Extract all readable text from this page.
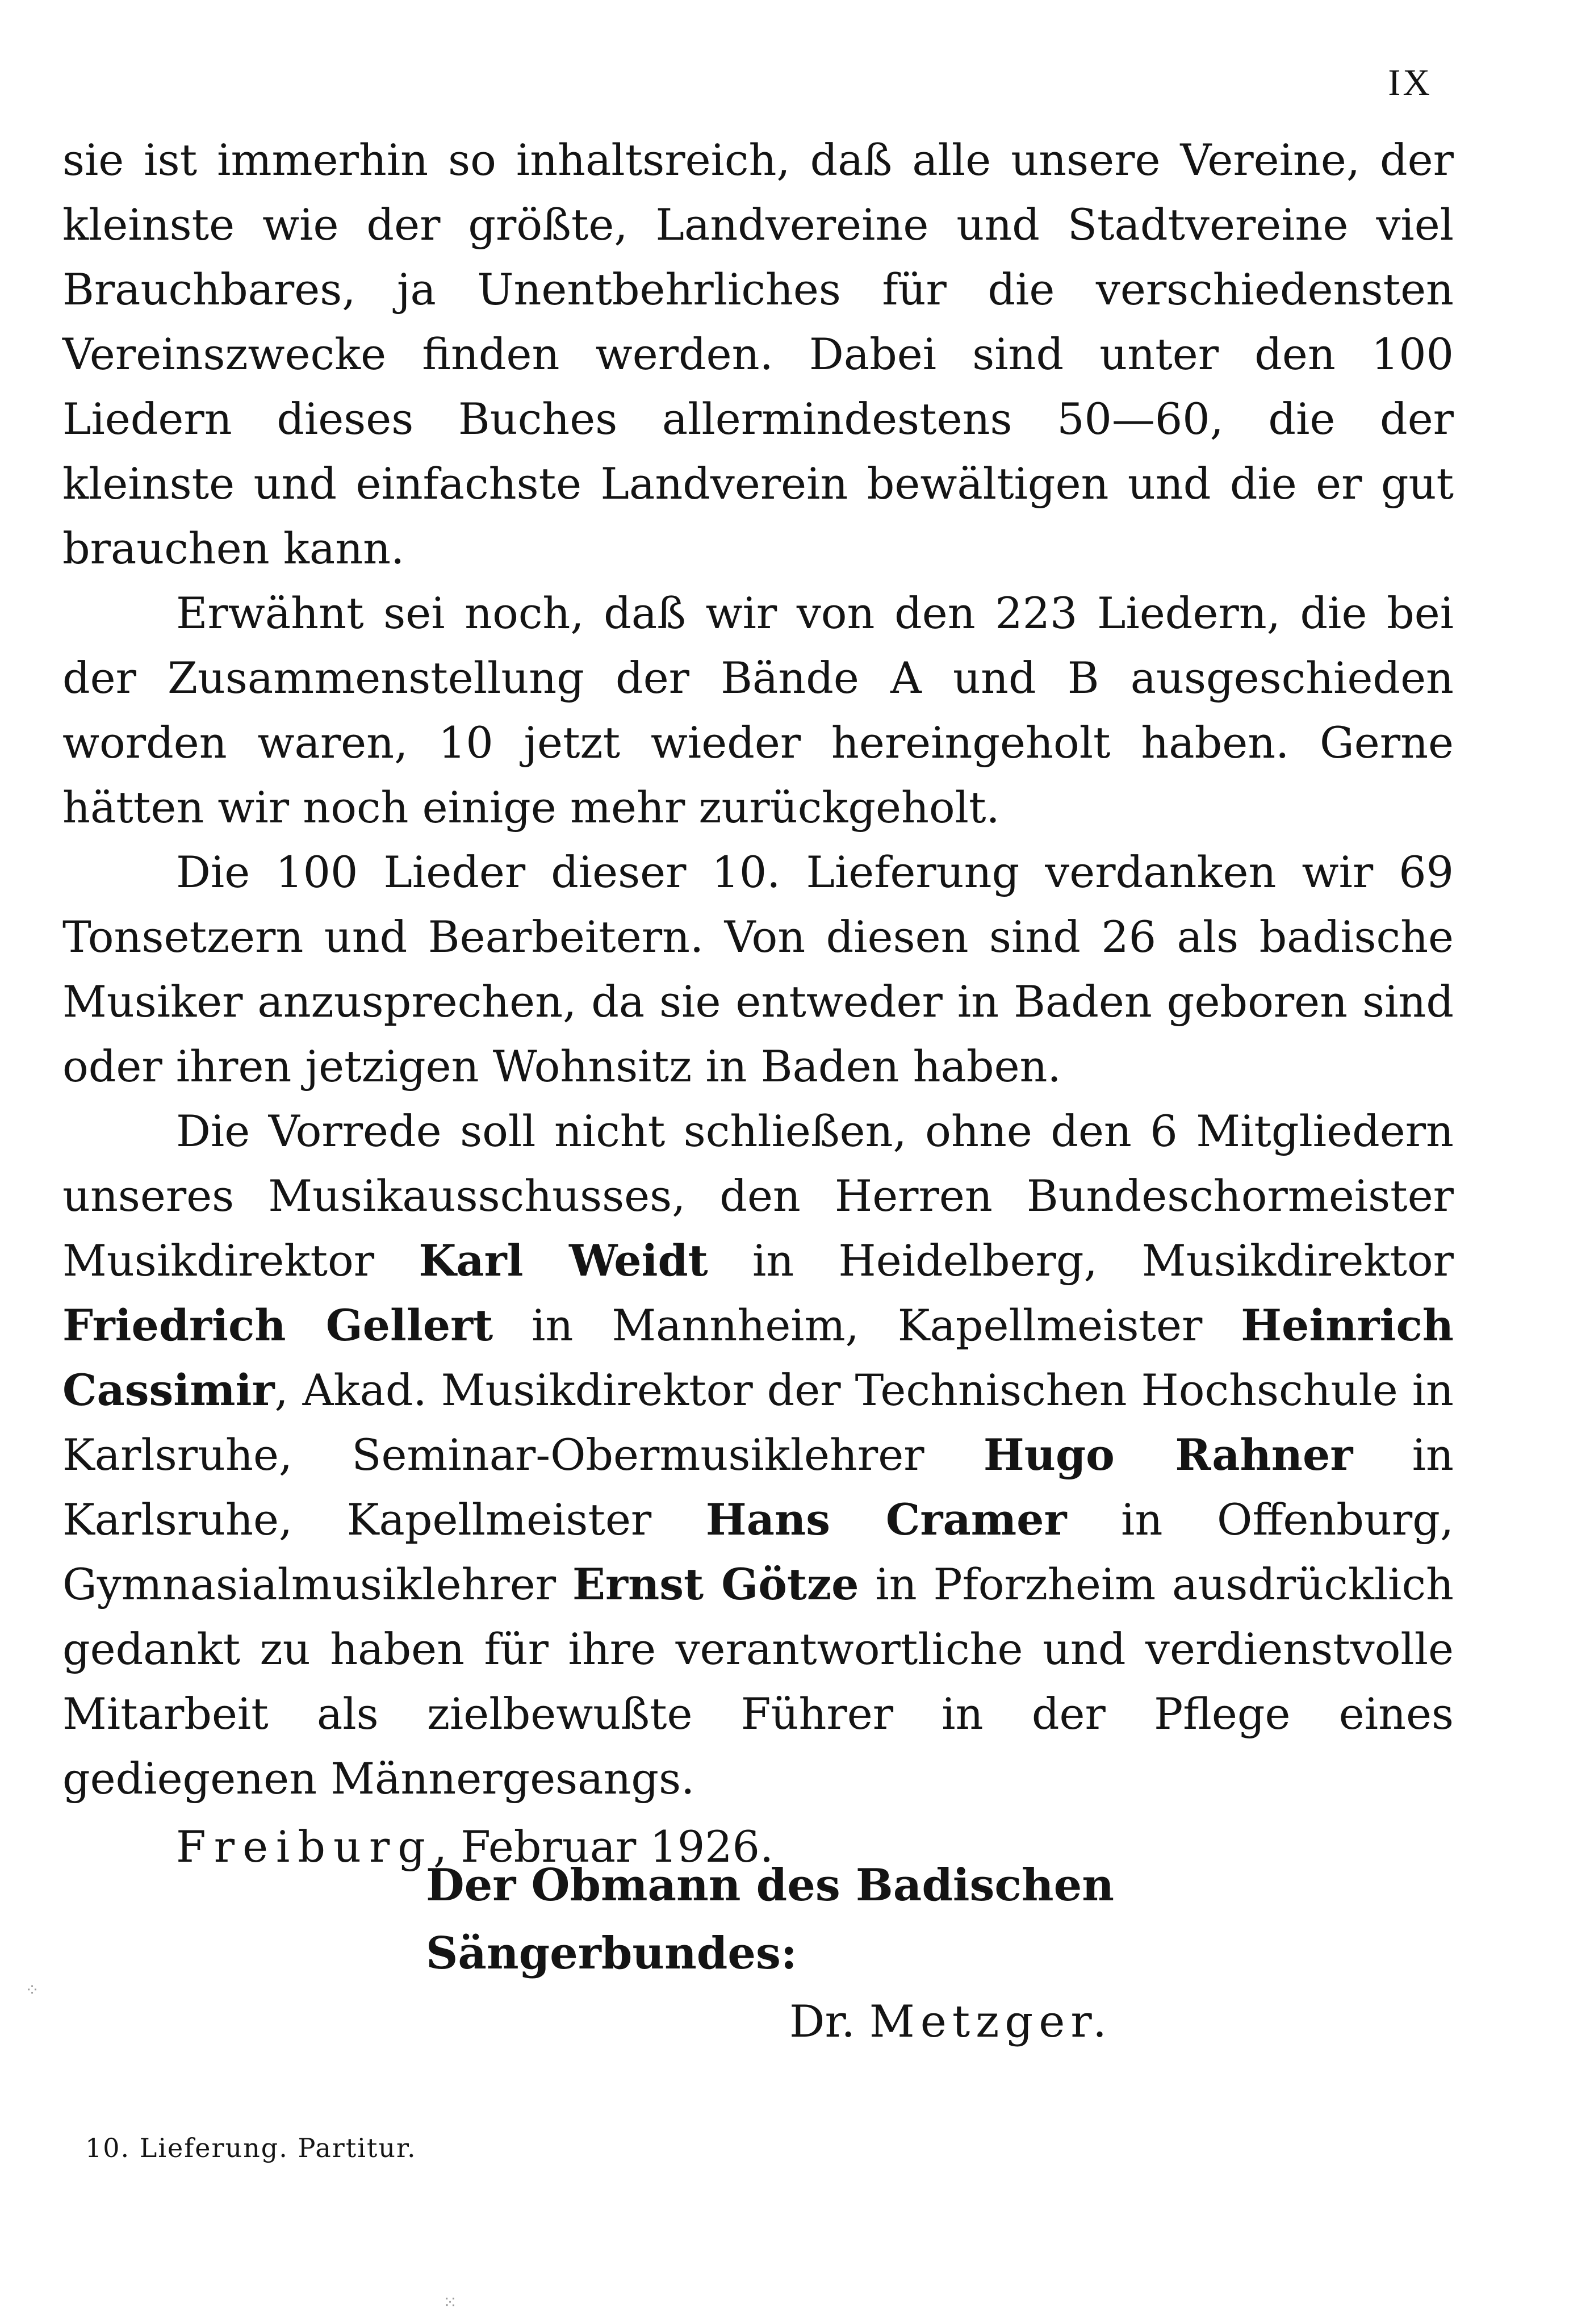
IX

sie ist immerhin so inhaltsreich, daß alle unsere Vereine, der kleinste wie der größte, Landvereine und Stadtvereine viel Brauchbares, ja Unentbehrliches für die verschiedensten Vereinszwecke finden werden. Dabei sind unter den 100 Liedern dieses Buches allermindestens 50—60, die der kleinste und einfachste Landverein bewältigen und die er gut brauchen kann.

Erwähnt sei noch, daß wir von den 223 Liedern, die bei der Zusammenstellung der Bände A und B ausgeschieden worden waren, 10 jetzt wieder hereingeholt haben. Gerne hätten wir noch einige mehr zurückgeholt.

Die 100 Lieder dieser 10. Lieferung verdanken wir 69 Tonsetzern und Bearbeitern. Von diesen sind 26 als badische Musiker anzusprechen, da sie entweder in Baden geboren sind oder ihren jetzigen Wohnsitz in Baden haben.

Die Vorrede soll nicht schließen, ohne den 6 Mitgliedern unseres Musikausschusses, den Herren Bundeschormeister Musikdirektor Karl Weidt in Heidelberg, Musikdirektor Friedrich Gellert in Mannheim, Kapellmeister Heinrich Cassimir, Akad. Musikdirektor der Technischen Hochschule in Karlsruhe, Seminar-Obermusiklehrer Hugo Rahner in Karlsruhe, Kapellmeister Hans Cramer in Offenburg, Gymnasialmusiklehrer Ernst Götze in Pforzheim ausdrücklich gedankt zu haben für ihre verantwortliche und verdienstvolle Mitarbeit als zielbewußte Führer in der Pflege eines gediegenen Männergesangs.

Freiburg, Februar 1926.

Der Obmann des Badischen Sängerbundes:

Dr. Metzger.

10. Lieferung. Partitur.
⁘
⁙
